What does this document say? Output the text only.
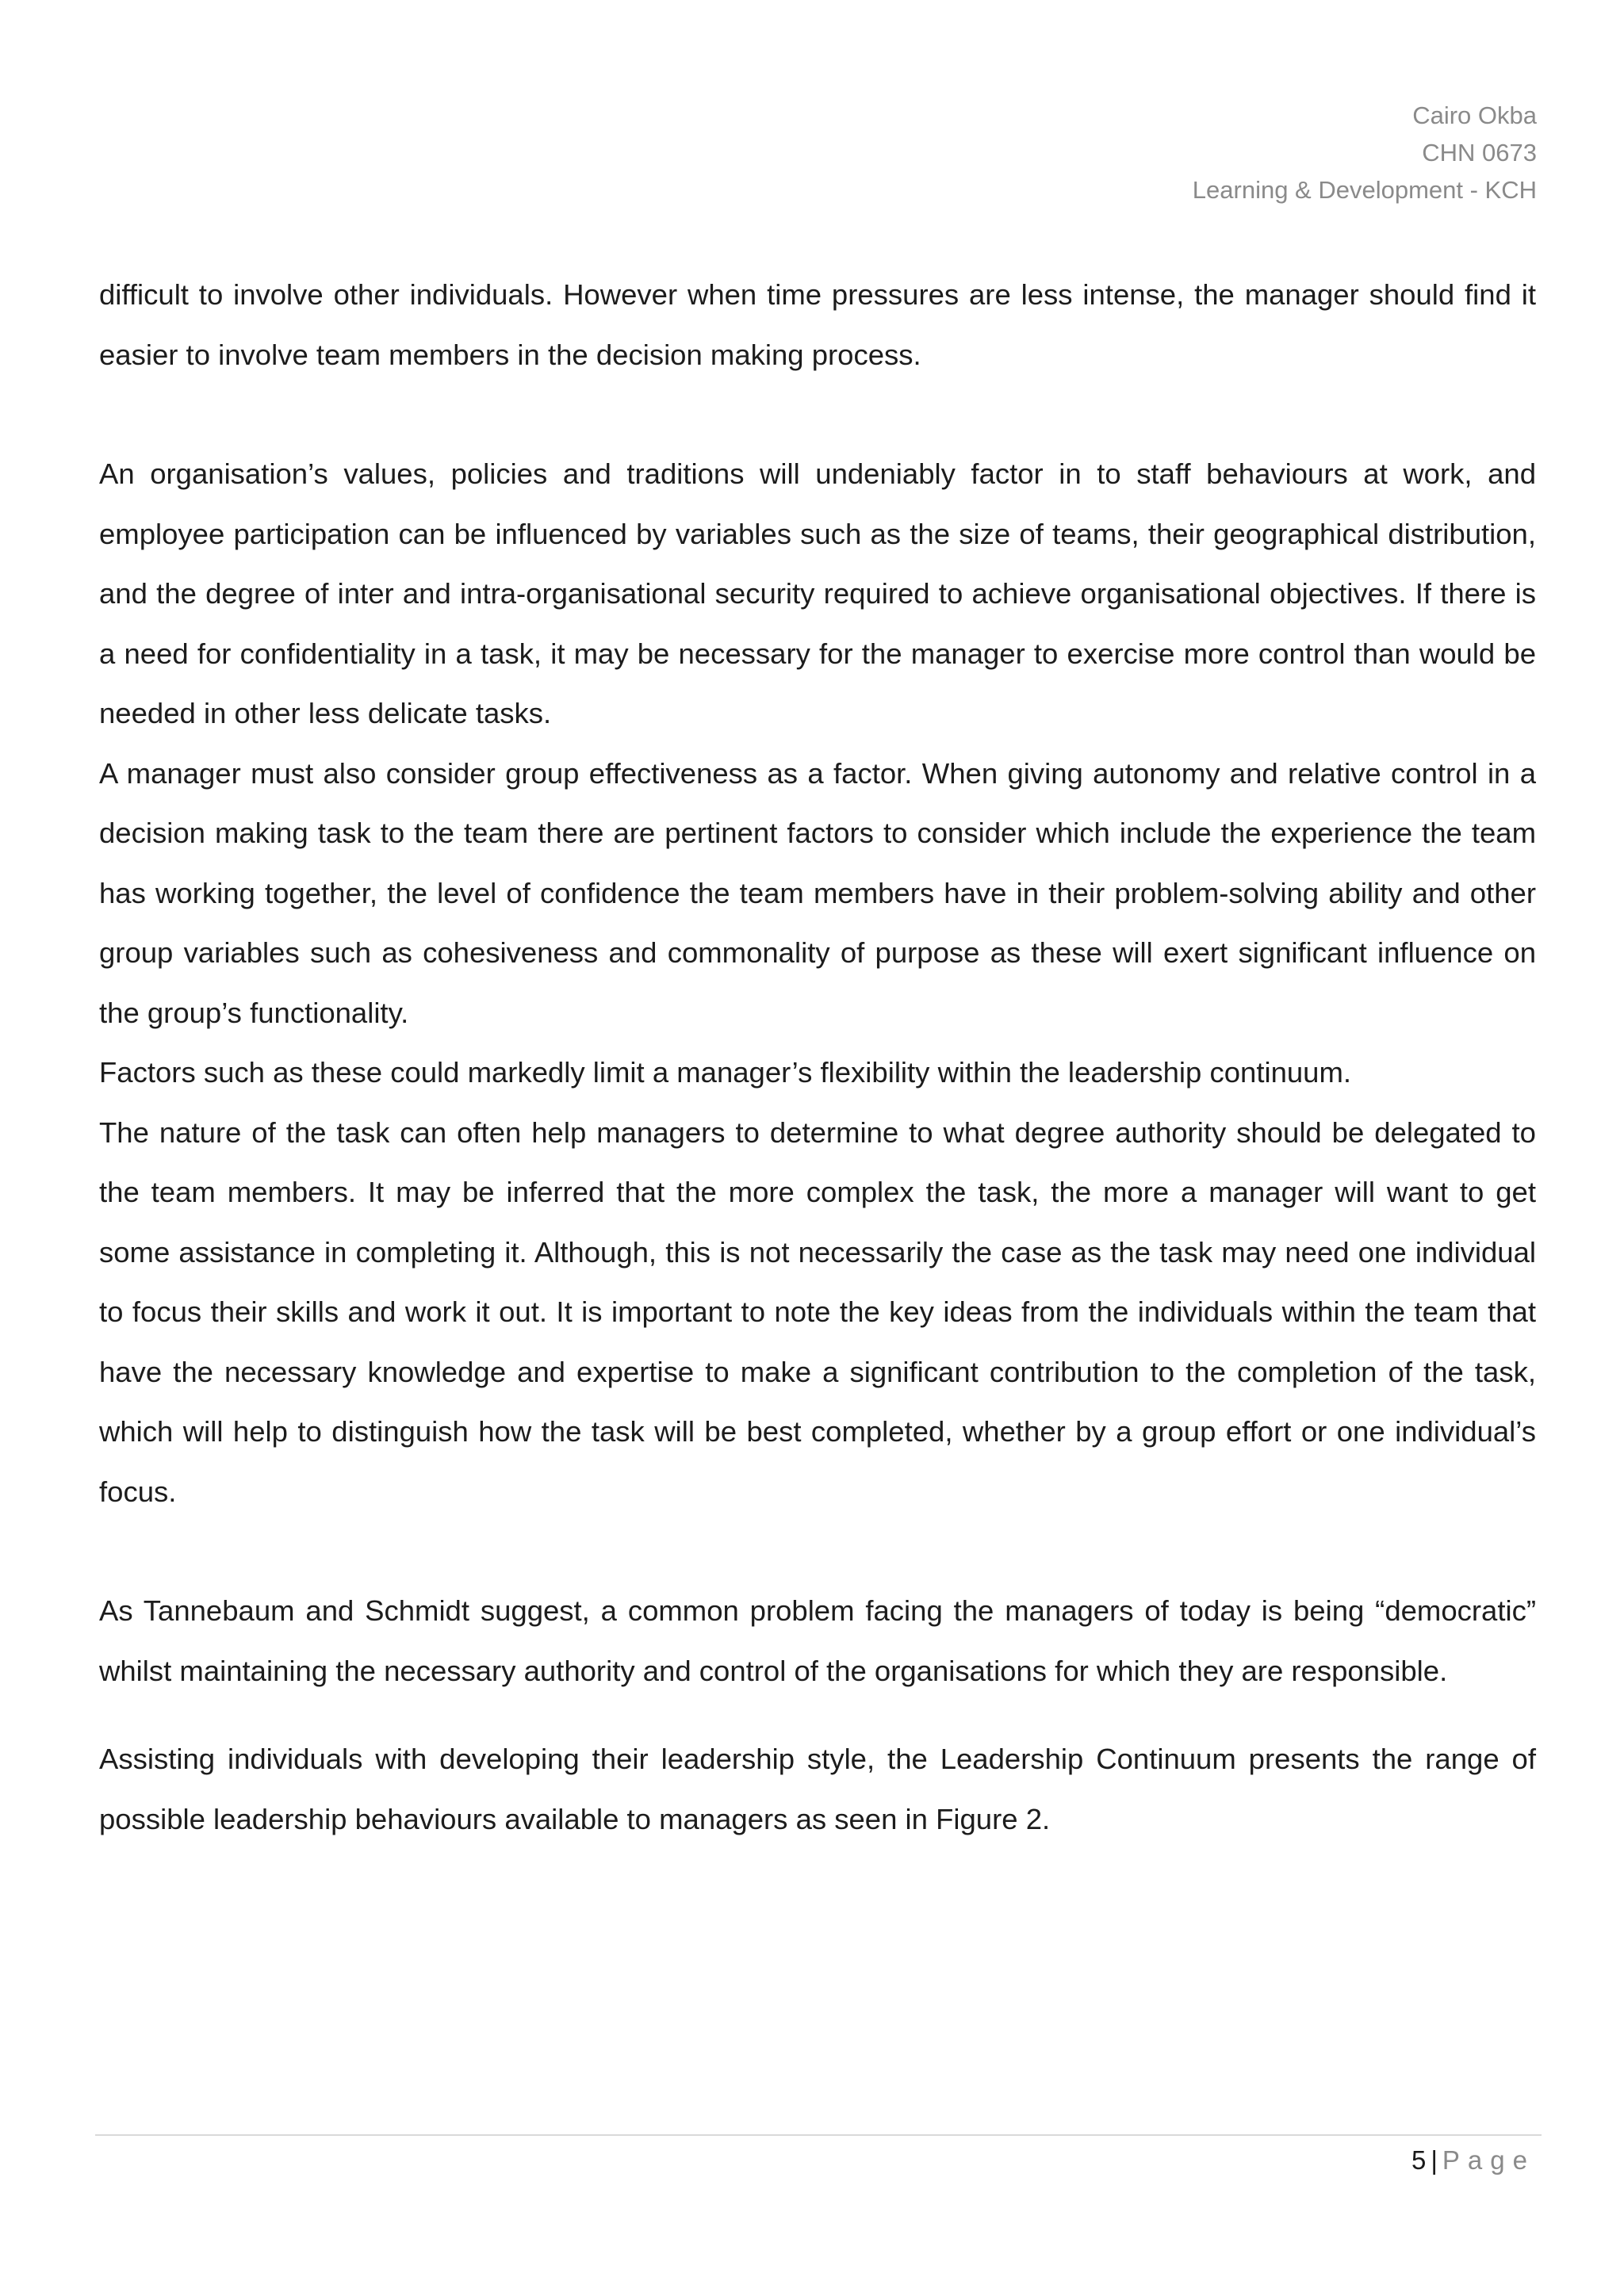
Cairo Okba
CHN 0673
Learning & Development - KCH

difficult to involve other individuals. However when time pressures are less intense, the manager should find it easier to involve team members in the decision making process.

An organisation’s values, policies and traditions will undeniably factor in to staff behaviours at work, and employee participation can be influenced by variables such as the size of teams, their geographical distribution, and the degree of inter and intra-organisational security required to achieve organisational objectives. If there is a need for confidentiality in a task, it may be necessary for the manager to exercise more control than would be needed in other less delicate tasks.

A manager must also consider group effectiveness as a factor. When giving autonomy and relative control in a decision making task to the team there are pertinent factors to consider which include the experience the team has working together, the level of confidence the team members have in their problem-solving ability and other group variables such as cohesiveness and commonality of purpose as these will exert significant influence on the group’s functionality.

Factors such as these could markedly limit a manager’s flexibility within the leadership continuum.

The nature of the task can often help managers to determine to what degree authority should be delegated to the team members. It may be inferred that the more complex the task, the more a manager will want to get some assistance in completing it. Although, this is not necessarily the case as the task may need one individual to focus their skills and work it out. It is important to note the key ideas from the individuals within the team that have the necessary knowledge and expertise to make a significant contribution to the completion of the task, which will help to distinguish how the task will be best completed, whether by a group effort or one individual’s focus.

As Tannebaum and Schmidt suggest, a common problem facing the managers of today is being “democratic” whilst maintaining the necessary authority and control of the organisations for which they are responsible.

Assisting individuals with developing their leadership style, the Leadership Continuum presents the range of possible leadership behaviours available to managers as seen in Figure 2.

5 | Page
